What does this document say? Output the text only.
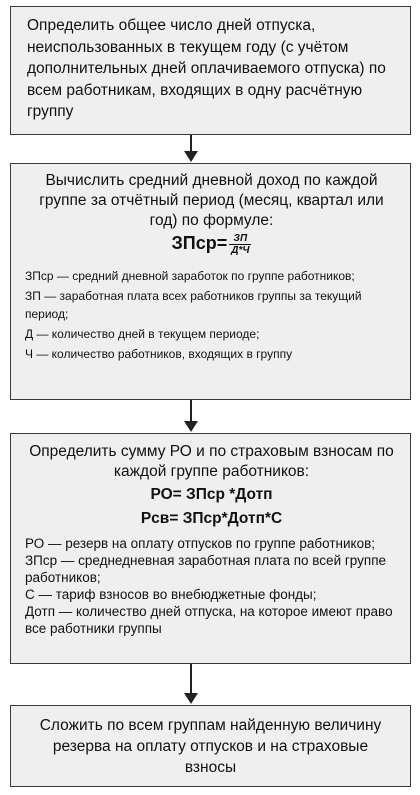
Определить общее число дней отпуска, неиспользованных в текущем году (с учётом дополнительных дней оплачиваемого отпуска) по всем работникам, входящих в одну расчётную группу

Вычислить средний дневной доход по каждой группе за отчётный период (месяц, квартал или год) по формуле:

ЗПср= $\frac{ЗП}{Д*Ч}$

ЗПср — средний дневной заработок по группе работников;

ЗП — заработная плата всех работников группы за текущий период;

Д — количество дней в текущем периоде;

Ч — количество работников, входящих в группу

Определить сумму РО и по страховым взносам по каждой группе работников:

РО= ЗПср *Дотп

Рсв= ЗПср*Дотп*С

РО — резерв на оплату отпусков по группе работников;

ЗПср — среднедневная заработная плата по всей группе работников;

С — тариф взносов во внебюджетные фонды;

Дотп — количество дней отпуска, на которое имеют право все работники группы

Сложить по всем группам найденную величину резерва на оплату отпусков и на страховые взносы
